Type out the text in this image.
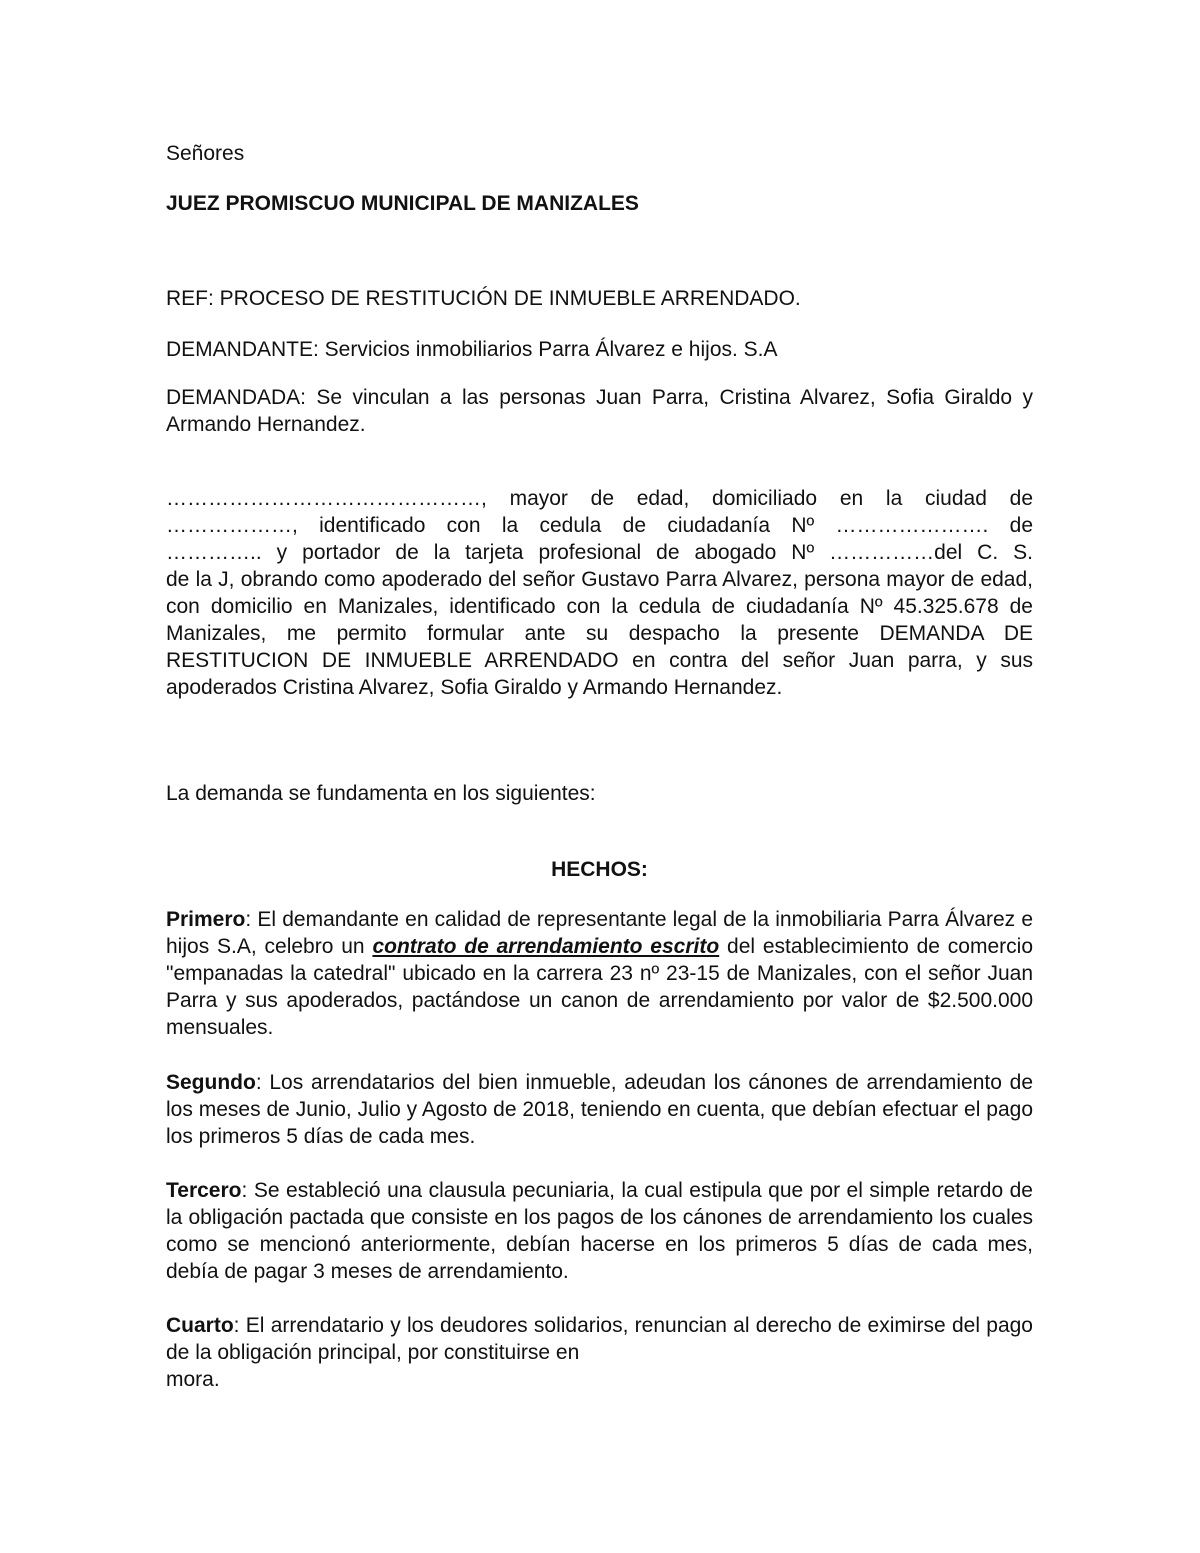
Señores

JUEZ PROMISCUO MUNICIPAL DE MANIZALES

REF: PROCESO DE RESTITUCIÓN DE INMUEBLE ARRENDADO.

DEMANDANTE: Servicios inmobiliarios Parra Álvarez e hijos. S.A

DEMANDADA: Se vinculan a las personas Juan Parra, Cristina Alvarez, Sofia Giraldo y Armando Hernandez.

………………………………………, mayor de edad, domiciliado en la ciudad de
………………, identificado con la cedula de ciudadanía Nº …………………. de
………….. y portador de la tarjeta profesional de abogado Nº ……………del C. S.
de la J, obrando como apoderado del señor Gustavo Parra Alvarez, persona mayor de edad, con domicilio en Manizales, identificado con la cedula de ciudadanía Nº 45.325.678 de Manizales, me permito formular ante su despacho la presente DEMANDA DE RESTITUCION DE INMUEBLE ARRENDADO en contra del señor Juan parra, y sus apoderados Cristina Alvarez, Sofia Giraldo y Armando Hernandez.

La demanda se fundamenta en los siguientes:

HECHOS:

Primero: El demandante en calidad de representante legal de la inmobiliaria Parra Álvarez e hijos S.A, celebro un contrato de arrendamiento escrito del establecimiento de comercio "empanadas la catedral" ubicado en la carrera 23 nº 23-15 de Manizales, con el señor Juan Parra y sus apoderados, pactándose un canon de arrendamiento por valor de $2.500.000 mensuales.

Segundo: Los arrendatarios del bien inmueble, adeudan los cánones de arrendamiento de los meses de Junio, Julio y Agosto de 2018, teniendo en cuenta, que debían efectuar el pago los primeros 5 días de cada mes.

Tercero: Se estableció una clausula pecuniaria, la cual estipula que por el simple retardo de la obligación pactada que consiste en los pagos de los cánones de arrendamiento los cuales como se mencionó anteriormente, debían hacerse en los primeros 5 días de cada mes, debía de pagar 3 meses de arrendamiento.

Cuarto: El arrendatario y los deudores solidarios, renuncian al derecho de eximirse del pago de la obligación principal, por constituirse en
mora.
